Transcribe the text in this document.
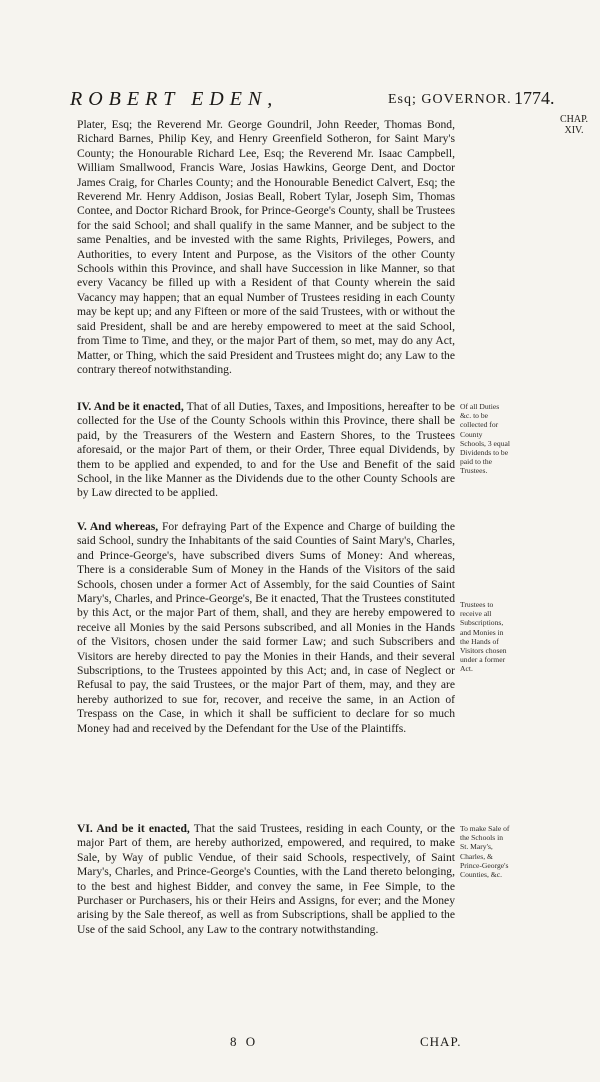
ROBERT EDEN,	Esq; GOVERNOR. 1774.
CHAP. XIV.
Plater, Esq; the Reverend Mr. George Goundril, John Reeder, Thomas Bond, Richard Barnes, Philip Key, and Henry Greenfield Sotheron, for Saint Mary's County; the Honourable Richard Lee, Esq; the Reverend Mr. Isaac Campbell, William Smallwood, Francis Ware, Josias Hawkins, George Dent, and Doctor James Craig, for Charles County; and the Honourable Benedict Calvert, Esq; the Reverend Mr. Henry Addison, Josias Beall, Robert Tylar, Joseph Sim, Thomas Contee, and Doctor Richard Brook, for Prince-George's County, shall be Trustees for the said School; and shall qualify in the same Manner, and be subject to the same Penalties, and be invested with the same Rights, Privileges, Powers, and Authorities, to every Intent and Purpose, as the Visitors of the other County Schools within this Province, and shall have Succession in like Manner, so that every Vacancy be filled up with a Resident of that County wherein the said Vacancy may happen; that an equal Number of Trustees residing in each County may be kept up; and any Fifteen or more of the said Trustees, with or without the said President, shall be and are hereby empowered to meet at the said School, from Time to Time, and they, or the major Part of them, so met, may do any Act, Matter, or Thing, which the said President and Trustees might do; any Law to the contrary thereof notwithstanding.
IV. And be it enacted, That of all Duties, Taxes, and Impositions, hereafter to be collected for the Use of the County Schools within this Province, there shall be paid, by the Treasurers of the Western and Eastern Shores, to the Trustees aforesaid, or the major Part of them, or their Order, Three equal Dividends, by them to be applied and expended, to and for the Use and Benefit of the said School, in the like Manner as the Dividends due to the other County Schools are by Law directed to be applied.
V. And whereas, For defraying Part of the Expence and Charge of building the said School, sundry the Inhabitants of the said Counties of Saint Mary's, Charles, and Prince-George's, have subscribed divers Sums of Money: And whereas, There is a considerable Sum of Money in the Hands of the Visitors of the said Schools, chosen under a former Act of Assembly, for the said Counties of Saint Mary's, Charles, and Prince-George's, Be it enacted, That the Trustees constituted by this Act, or the major Part of them, shall, and they are hereby empowered to receive all Monies by the said Persons subscribed, and all Monies in the Hands of the Visitors, chosen under the said former Law; and such Subscribers and Visitors are hereby directed to pay the Monies in their Hands, and their several Subscriptions, to the Trustees appointed by this Act; and, in case of Neglect or Refusal to pay, the said Trustees, or the major Part of them, may, and they are hereby authorized to sue for, recover, and receive the same, in an Action of Trespass on the Case, in which it shall be sufficient to declare for so much Money had and received by the Defendant for the Use of the Plaintiffs.
VI. And be it enacted, That the said Trustees, residing in each County, or the major Part of them, are hereby authorized, empowered, and required, to make Sale, by Way of public Vendue, of their said Schools, respectively, of Saint Mary's, Charles, and Prince-George's Counties, with the Land thereto belonging, to the best and highest Bidder, and convey the same, in Fee Simple, to the Purchaser or Purchasers, his or their Heirs and Assigns, for ever; and the Money arising by the Sale thereof, as well as from Subscriptions, shall be applied to the Use of the said School, any Law to the contrary notwithstanding.
Of all Duties &c. to be collected for County Schools, 3 equal Dividends to be paid to the Trustees.
Trustees to receive all Subscriptions, and Monies in the Hands of Visitors chosen under a former Act.
To make Sale of the Schools in St. Mary's, Charles, & Prince-George's Counties, &c.
8 O	CHAP.
